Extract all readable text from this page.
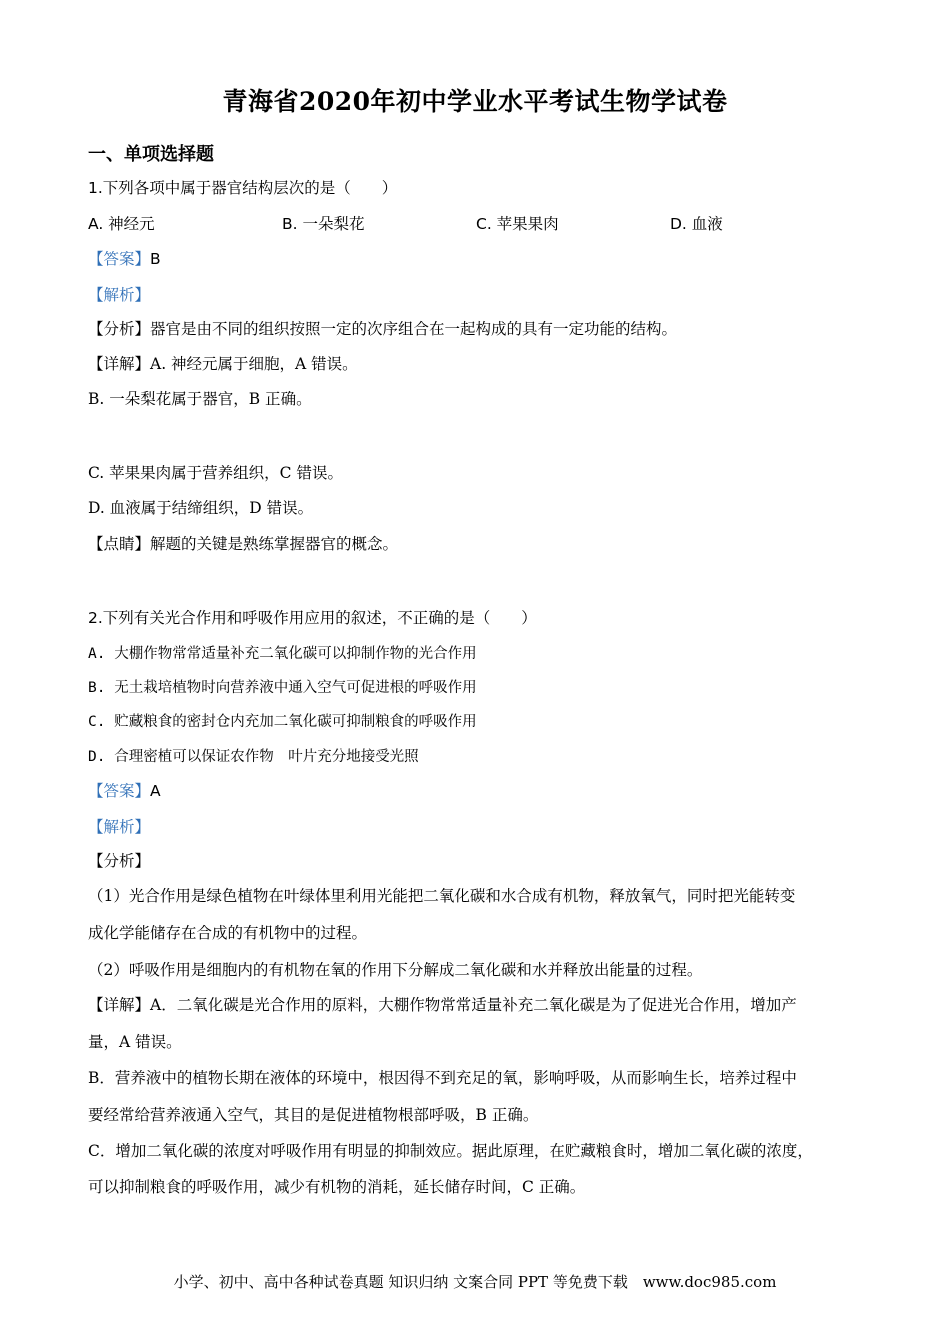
青海省2020年初中学业水平考试生物学试卷
一、单项选择题
1.下列各项中属于器官结构层次的是（　　）
A. 神经元	B. 一朵梨花	C. 苹果果肉	D. 血液
【答案】B
【解析】
【分析】器官是由不同的组织按照一定的次序组合在一起构成的具有一定功能的结构。
【详解】A. 神经元属于细胞，A 错误。
B. 一朵梨花属于器官，B 正确。
C. 苹果果肉属于营养组织，C 错误。
D. 血液属于结缔组织，D 错误。
【点睛】解题的关键是熟练掌握器官的概念。
2.下列有关光合作用和呼吸作用应用的叙述，不正确的是（　　）
A. 大棚作物常常适量补充二氧化碳可以抑制作物的光合作用
B. 无土栽培植物时向营养液中通入空气可促进根的呼吸作用
C. 贮藏粮食的密封仓内充加二氧化碳可抑制粮食的呼吸作用
D. 合理密植可以保证农作物　叶片充分地接受光照
【答案】A
【解析】
【分析】
（1）光合作用是绿色植物在叶绿体里利用光能把二氧化碳和水合成有机物，释放氧气，同时把光能转变
成化学能储存在合成的有机物中的过程。
（2）呼吸作用是细胞内的有机物在氧的作用下分解成二氧化碳和水并释放出能量的过程。
【详解】A．二氧化碳是光合作用的原料，大棚作物常常适量补充二氧化碳是为了促进光合作用，增加产
量，A 错误。
B．营养液中的植物长期在液体的环境中，根因得不到充足的氧，影响呼吸，从而影响生长，培养过程中
要经常给营养液通入空气，其目的是促进植物根部呼吸，B 正确。
C．增加二氧化碳的浓度对呼吸作用有明显的抑制效应。据此原理，在贮藏粮食时，增加二氧化碳的浓度，
可以抑制粮食的呼吸作用，减少有机物的消耗，延长储存时间，C 正确。
小学、初中、高中各种试卷真题 知识归纳 文案合同 PPT 等免费下载　www.doc985.com
